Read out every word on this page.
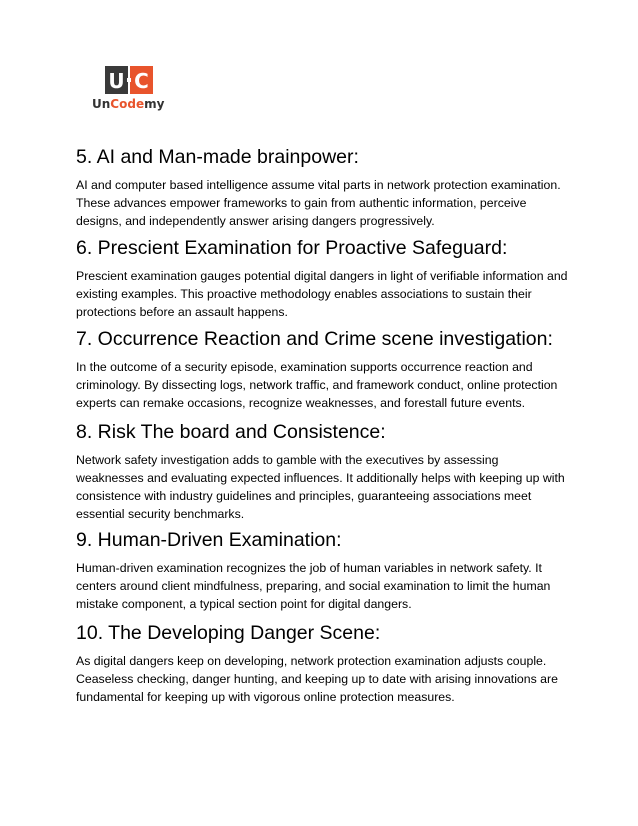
U C
UnCodemy
5. AI and Man-made brainpower:

AI and computer based intelligence assume vital parts in network protection examination. These advances empower frameworks to gain from authentic information, perceive designs, and independently answer arising dangers progressively.

6. Prescient Examination for Proactive Safeguard:

Prescient examination gauges potential digital dangers in light of verifiable information and existing examples. This proactive methodology enables associations to sustain their protections before an assault happens.

7. Occurrence Reaction and Crime scene investigation:

In the outcome of a security episode, examination supports occurrence reaction and criminology. By dissecting logs, network traffic, and framework conduct, online protection experts can remake occasions, recognize weaknesses, and forestall future events.

8. Risk The board and Consistence:

Network safety investigation adds to gamble with the executives by assessing weaknesses and evaluating expected influences. It additionally helps with keeping up with consistence with industry guidelines and principles, guaranteeing associations meet essential security benchmarks.

9. Human-Driven Examination:

Human-driven examination recognizes the job of human variables in network safety. It centers around client mindfulness, preparing, and social examination to limit the human mistake component, a typical section point for digital dangers.

10. The Developing Danger Scene:

As digital dangers keep on developing, network protection examination adjusts couple. Ceaseless checking, danger hunting, and keeping up to date with arising innovations are fundamental for keeping up with vigorous online protection measures.
